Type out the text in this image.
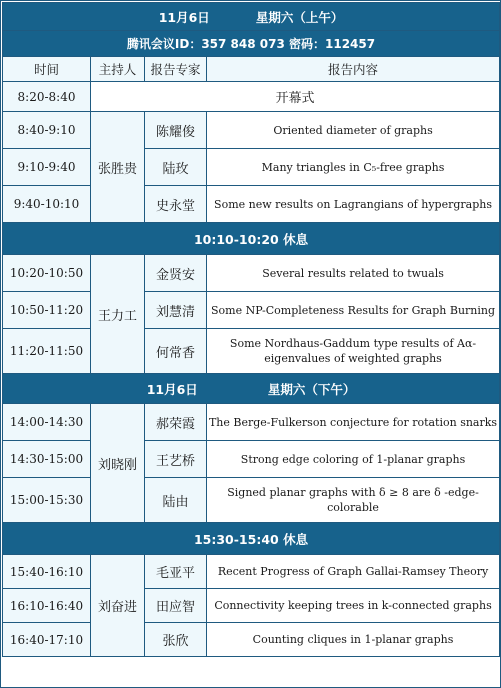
11月6日 星期六（上午）			
腾讯会议ID：357 848 073 密码：112457			
时间	主持人	报告专家	报告内容
8:20-8:40	开幕式		
8:40-9:10	张胜贵	陈耀俊	Oriented diameter of graphs
9:10-9:40		陆玫	Many triangles in C₅-free graphs
9:40-10:10		史永堂	Some new results on Lagrangians of hypergraphs
10:10-10:20 休息			
10:20-10:50	王力工	金贤安	Several results related to twuals
10:50-11:20		刘慧清	Some NP-Completeness Results for Graph Burning
11:20-11:50		何常香	Some Nordhaus-Gaddum type results of Aα-eigenvalues of weighted graphs
11月6日 星期六（下午）			
14:00-14:30	刘晓刚	郝荣霞	The Berge-Fulkerson conjecture for rotation snarks
14:30-15:00		王艺桥	Strong edge coloring of 1-planar graphs
15:00-15:30		陆由	Signed planar graphs with δ ≥ 8 are δ -edge-colorable
15:30-15:40 休息			
15:40-16:10	刘奋进	毛亚平	Recent Progress of Graph Gallai-Ramsey Theory
16:10-16:40		田应智	Connectivity keeping trees in k-connected graphs
16:40-17:10		张欣	Counting cliques in 1-planar graphs
